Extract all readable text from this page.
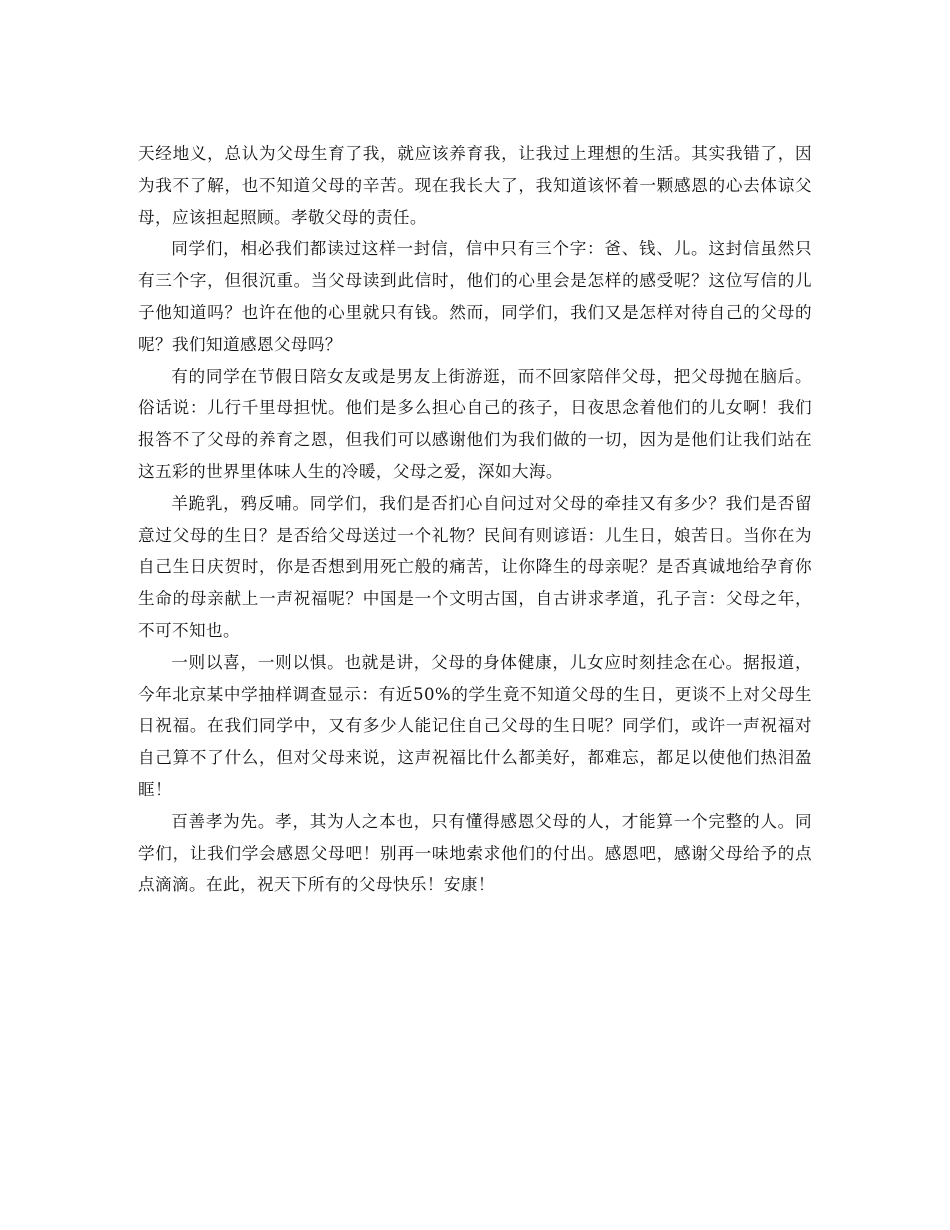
天经地义，总认为父母生育了我，就应该养育我，让我过上理想的生活。其实我错了，因为我不了解，也不知道父母的辛苦。现在我长大了，我知道该怀着一颗感恩的心去体谅父母，应该担起照顾。孝敬父母的责任。

同学们，相必我们都读过这样一封信，信中只有三个字：爸、钱、儿。这封信虽然只有三个字，但很沉重。当父母读到此信时，他们的心里会是怎样的感受呢？这位写信的儿子他知道吗？也许在他的心里就只有钱。然而，同学们，我们又是怎样对待自己的父母的呢？我们知道感恩父母吗？

有的同学在节假日陪女友或是男友上街游逛，而不回家陪伴父母，把父母抛在脑后。俗话说：儿行千里母担忧。他们是多么担心自己的孩子，日夜思念着他们的儿女啊！我们报答不了父母的养育之恩，但我们可以感谢他们为我们做的一切，因为是他们让我们站在这五彩的世界里体味人生的冷暖，父母之爱，深如大海。

羊跪乳，鸦反哺。同学们，我们是否扪心自问过对父母的牵挂又有多少？我们是否留意过父母的生日？是否给父母送过一个礼物？民间有则谚语：儿生日，娘苦日。当你在为自己生日庆贺时，你是否想到用死亡般的痛苦，让你降生的母亲呢？是否真诚地给孕育你生命的母亲献上一声祝福呢？中国是一个文明古国，自古讲求孝道，孔子言：父母之年，不可不知也。

一则以喜，一则以惧。也就是讲，父母的身体健康，儿女应时刻挂念在心。据报道，今年北京某中学抽样调查显示：有近50%的学生竟不知道父母的生日，更谈不上对父母生日祝福。在我们同学中，又有多少人能记住自己父母的生日呢？同学们，或许一声祝福对自己算不了什么，但对父母来说，这声祝福比什么都美好，都难忘，都足以使他们热泪盈眶！

百善孝为先。孝，其为人之本也，只有懂得感恩父母的人，才能算一个完整的人。同学们，让我们学会感恩父母吧！别再一味地索求他们的付出。感恩吧，感谢父母给予的点点滴滴。在此，祝天下所有的父母快乐！安康！
